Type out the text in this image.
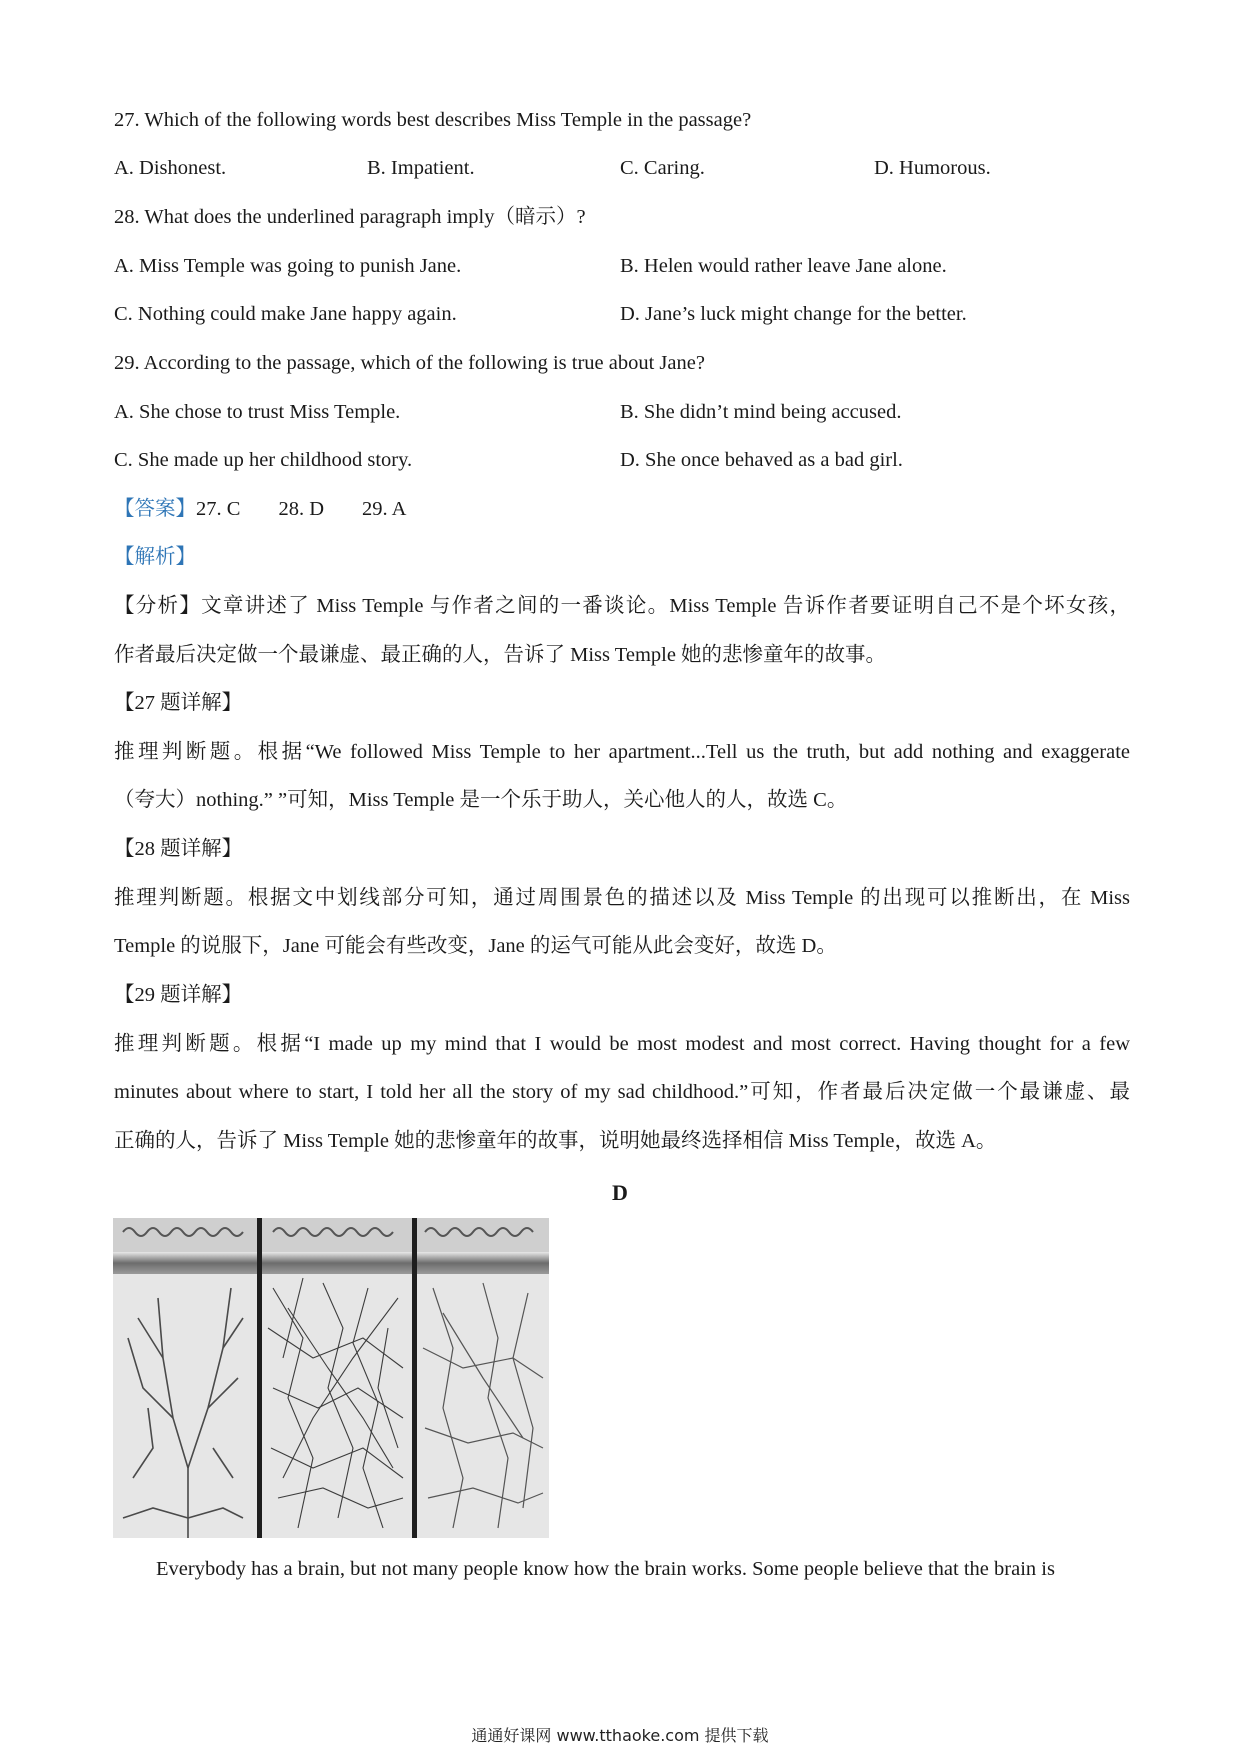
27. Which of the following words best describes Miss Temple in the passage?
A. Dishonest.	B. Impatient.	C. Caring.	D. Humorous.
28. What does the underlined paragraph imply（暗示）?
A. Miss Temple was going to punish Jane.	B. Helen would rather leave Jane alone.
C. Nothing could make Jane happy again.	D. Jane’s luck might change for the better.
29. According to the passage, which of the following is true about Jane?
A. She chose to trust Miss Temple.	B. She didn’t mind being accused.
C. She made up her childhood story.	D. She once behaved as a bad girl.
【答案】27. C 28. D 29. A
【解析】
【分析】文章讲述了 Miss Temple 与作者之间的一番谈论。Miss Temple 告诉作者要证明自己不是个坏女孩，
作者最后决定做一个最谦虚、最正确的人，告诉了 Miss Temple 她的悲惨童年的故事。
【27 题详解】
推理判断题。根据“We followed Miss Temple to her apartment...Tell us the truth, but add nothing and exaggerate
（夸大）nothing.” ”可知，Miss Temple 是一个乐于助人，关心他人的人，故选 C。
【28 题详解】
推理判断题。根据文中划线部分可知，通过周围景色的描述以及 Miss Temple 的出现可以推断出，在 Miss
Temple 的说服下，Jane 可能会有些改变，Jane 的运气可能从此会变好，故选 D。
【29 题详解】
推理判断题。根据“I made up my mind that I would be most modest and most correct. Having thought for a few
minutes about where to start, I told her all the story of my sad childhood.”可知，作者最后决定做一个最谦虚、最
正确的人，告诉了 Miss Temple 她的悲惨童年的故事，说明她最终选择相信 Miss Temple，故选 A。
D
Everybody has a brain, but not many people know how the brain works. Some people believe that the brain is
通通好课网 www.tthaoke.com 提供下载
